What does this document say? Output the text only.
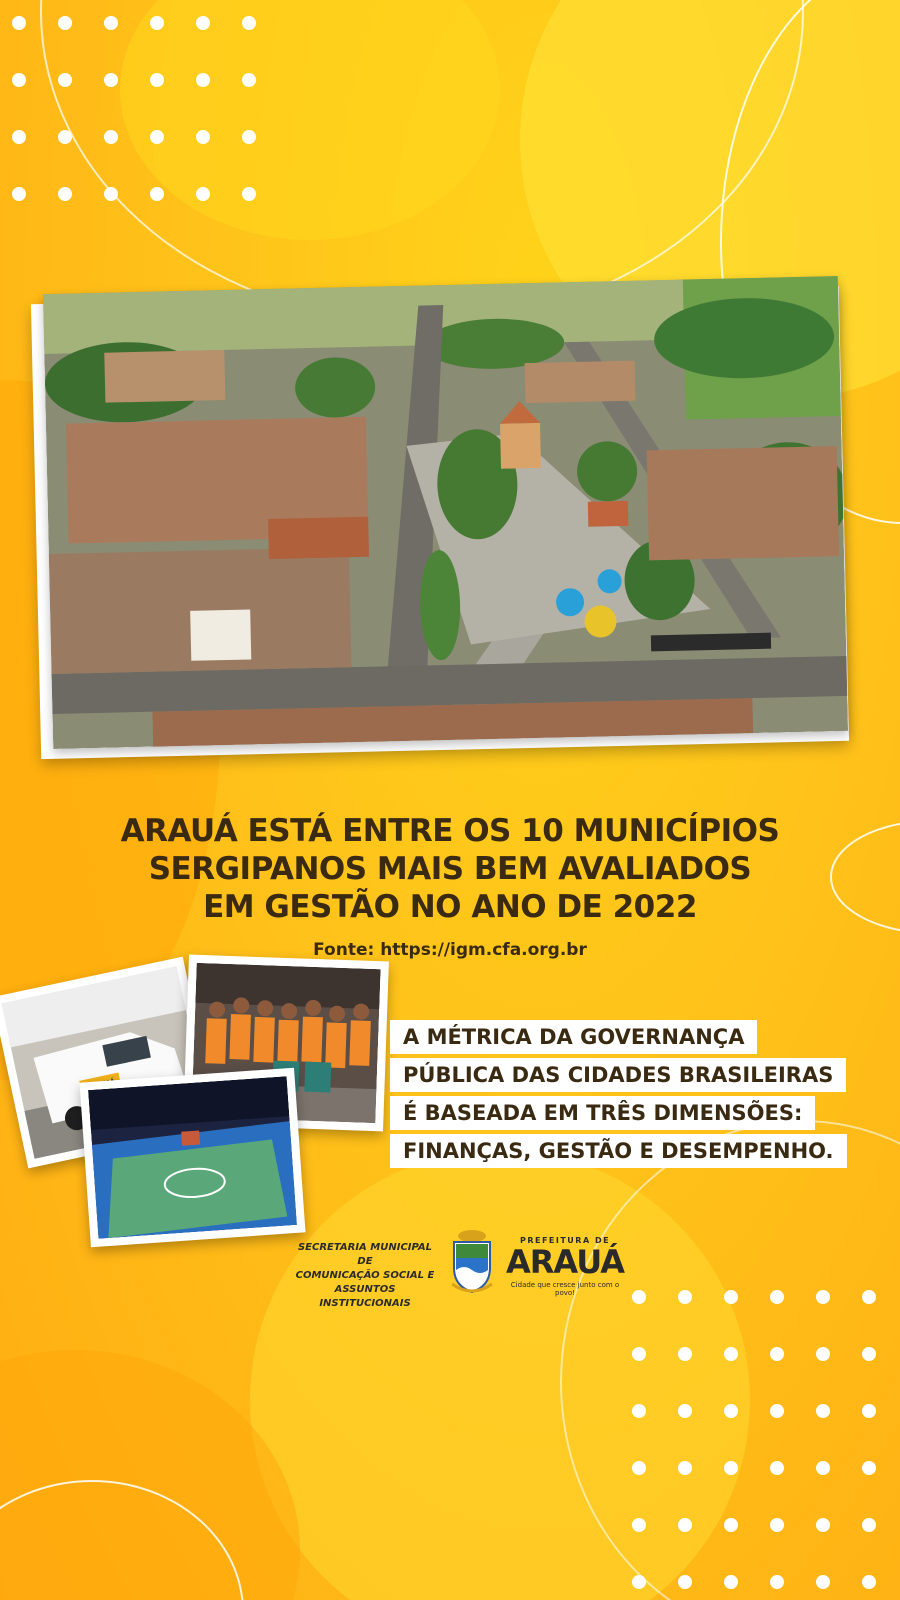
ARAUÁ ESTÁ ENTRE OS 10 MUNICÍPIOS
SERGIPANOS MAIS BEM AVALIADOS
EM GESTÃO NO ANO DE 2022
Fonte: https://igm.cfa.org.br
A MÉTRICA DA GOVERNANÇA
PÚBLICA DAS CIDADES BRASILEIRAS
É BASEADA EM TRÊS DIMENSÕES:
FINANÇAS, GESTÃO E DESEMPENHO.
SECRETARIA MUNICIPAL DE
COMUNICAÇÃO SOCIAL E
ASSUNTOS INSTITUCIONAIS
PREFEITURA DE
ARAUÁ
Cidade que cresce junto com o povo!
